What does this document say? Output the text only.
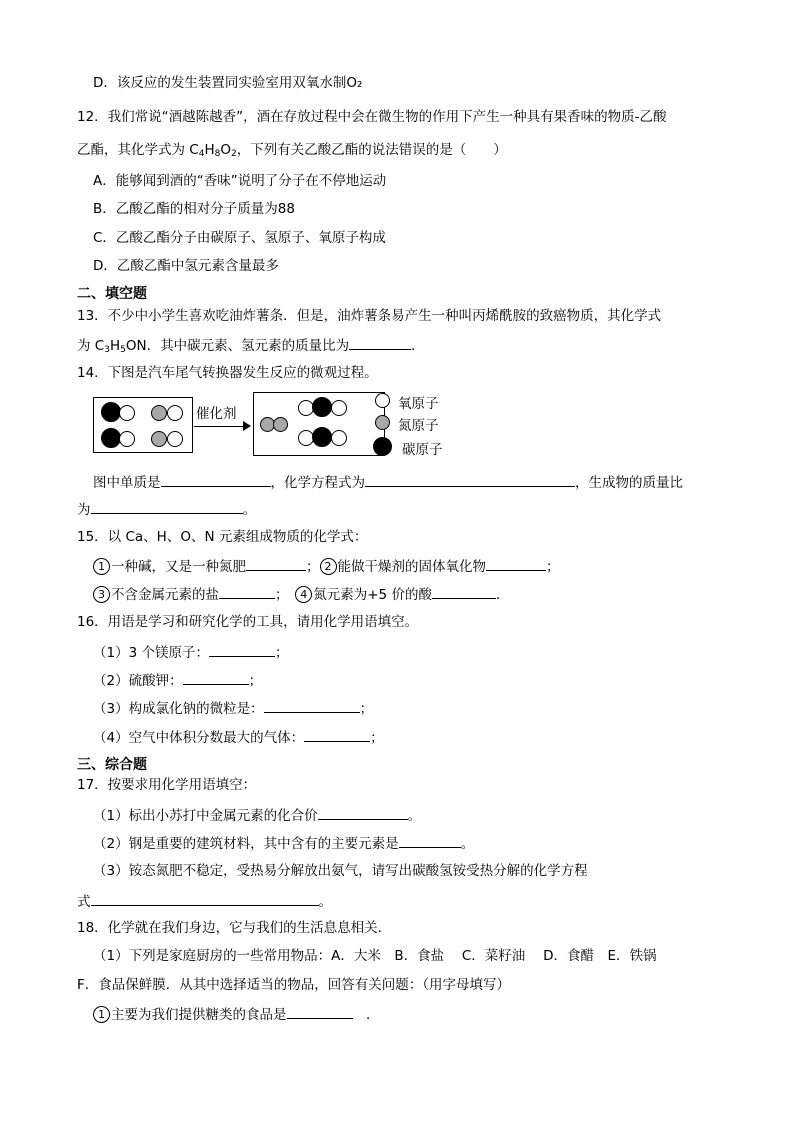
D．该反应的发生装置同实验室用双氧水制O₂
12．我们常说“酒越陈越香”，酒在存放过程中会在微生物的作用下产生一种具有果香味的物质-乙酸
乙酯，其化学式为 $C_4H_8O_2$，下列有关乙酸乙酯的说法错误的是（　　）
A．能够闻到酒的“香味”说明了分子在不停地运动
B．乙酸乙酯的相对分子质量为88
C．乙酸乙酯分子由碳原子、氢原子、氧原子构成
D．乙酸乙酯中氢元素含量最多
二、填空题
13．不少中小学生喜欢吃油炸薯条．但是，油炸薯条易产生一种叫丙烯酰胺的致癌物质，其化学式
为 $C_3H_5ON$．其中碳元素、氢元素的质量比为	．
14．下图是汽车尾气转换器发生反应的微观过程。
催化剂
氧原子
氮原子
碳原子
图中单质是	，化学方程式为	，生成物的质量比
为	。
15．以 Ca、H、O、N 元素组成物质的化学式：
1 一种碱，又是一种氮肥	； 2 能做干燥剂的固体氧化物	；
3 不含金属元素的盐	；　 4 氮元素为+5 价的酸	．
16．用语是学习和研究化学的工具，请用化学用语填空。
（1）3 个镁原子：	；
（2）硫酸钾：	；
（3）构成氯化钠的微粒是：	；
（4）空气中体积分数最大的气体：	；
三、综合题
17．按要求用化学用语填空：
（1）标出小苏打中金属元素的化合价	。
（2）钢是重要的建筑材料，其中含有的主要元素是	。
（3）铵态氮肥不稳定，受热易分解放出氨气，请写出碳酸氢铵受热分解的化学方程
式	。
18．化学就在我们身边，它与我们的生活息息相关．
（1）下列是家庭厨房的一些常用物品：A．大米　B．食盐　 C．菜籽油　 D．食醋　E．铁锅
F．食品保鲜膜．从其中选择适当的物品，回答有关问题：（用字母填写）
1 主要为我们提供糖类的食品是　	．
